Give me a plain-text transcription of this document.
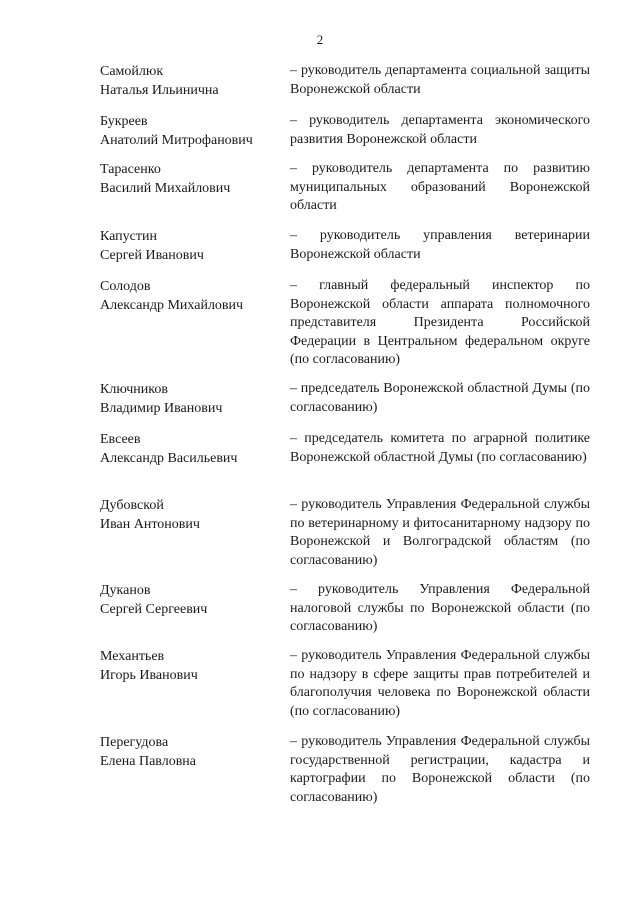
2
Самойлюк
Наталья Ильинична
– руководитель департамента социальной защиты Воронежской области
Букреев
Анатолий Митрофанович
– руководитель департамента экономического развития Воронежской области
Тарасенко
Василий Михайлович
– руководитель департамента по развитию муниципальных образований Воронежской области
Капустин
Сергей Иванович
– руководитель управления ветеринарии Воронежской области
Солодов
Александр Михайлович
– главный федеральный инспектор по Воронежской области аппарата полномочного представителя Президента Российской Федерации в Центральном федеральном округе (по согласованию)
Ключников
Владимир Иванович
– председатель Воронежской областной Думы (по согласованию)
Евсеев
Александр Васильевич
– председатель комитета по аграрной политике Воронежской областной Думы (по согласованию)
Дубовской
Иван Антонович
– руководитель Управления Федеральной службы по ветеринарному и фитосанитарному надзору по Воронежской и Волгоградской областям (по согласованию)
Дуканов
Сергей Сергеевич
– руководитель Управления Федеральной налоговой службы по Воронежской области (по согласованию)
Механтьев
Игорь Иванович
– руководитель Управления Федеральной службы по надзору в сфере защиты прав потребителей и благополучия человека по Воронежской области (по согласованию)
Перегудова
Елена Павловна
– руководитель Управления Федеральной службы государственной регистрации, кадастра и картографии по Воронежской области (по согласованию)
